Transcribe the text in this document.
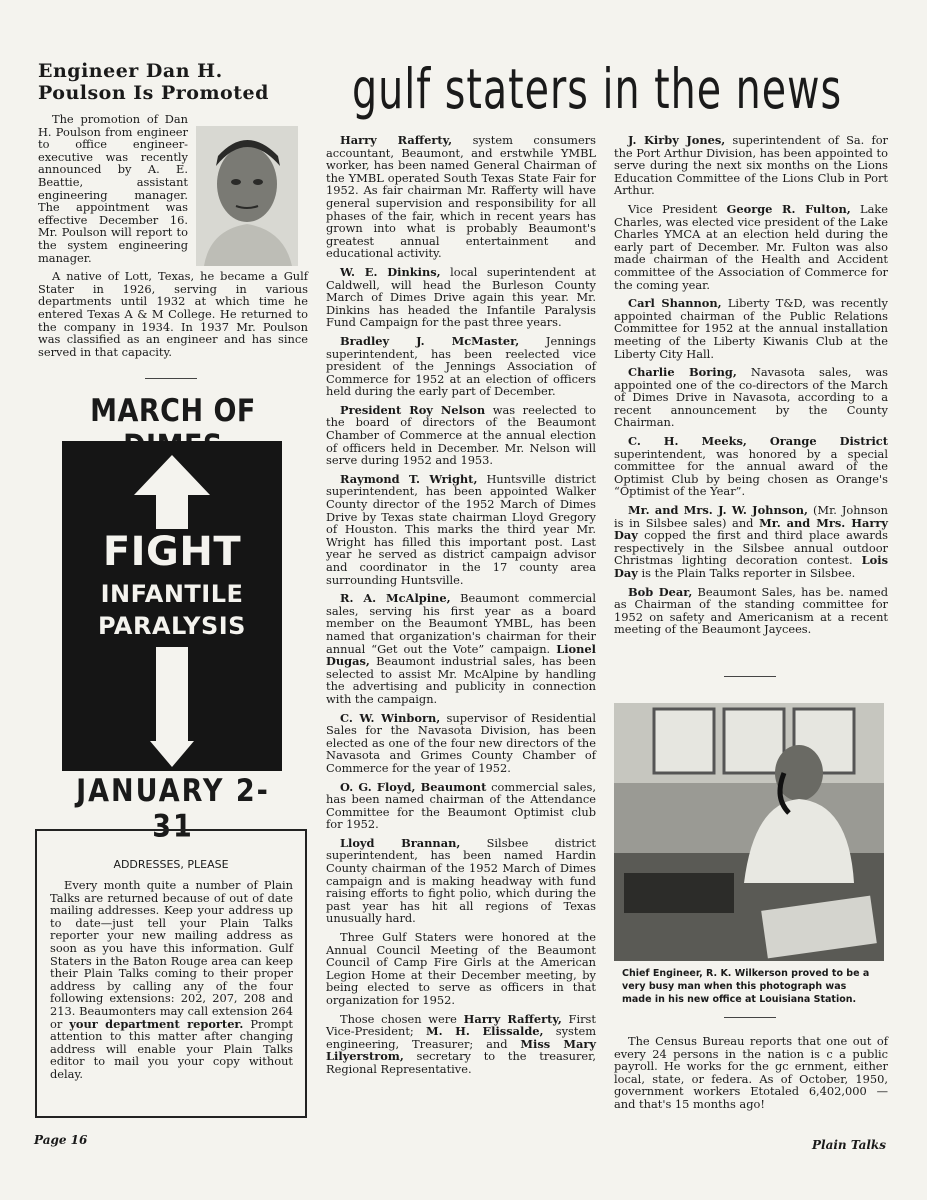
Engineer Dan H.
Poulson Is Promoted	gulf staters in the news

The promotion of Dan H. Poulson from engineer to office engineer-executive was recently announced by A. E. Beattie, assistant engineering manager. The appointment was effective December 16. Mr. Poulson will report to the system engineering manager.

A native of Lott, Texas, he became a Gulf Stater in 1926, serving in various departments until 1932 at which time he entered Texas A & M College. He returned to the company in 1934. In 1937 Mr. Poulson was classified as an engineer and has since served in that capacity.

MARCH OF
FIGHT
INFANTILE
PARALYSIS
JANUARY 2-31
ADDRESSES, PLEASE

Every month quite a number of Plain Talks are returned because of out of date mailing addresses. Keep your address up to date—just tell your Plain Talks reporter your new mailing address as soon as you have this information. Gulf Staters in the Baton Rouge area can keep their Plain Talks coming to their proper address by calling any of the four following extensions: 202, 207, 208 and 213. Beaumonters may call extension 264 or your department reporter. Prompt attention to this matter after changing address will enable your Plain Talks editor to mail you your copy without delay.

Harry Rafferty, system consumers accountant, Beaumont, and erstwhile YMBL worker, has been named General Chairman of the YMBL operated South Texas State Fair for 1952. As fair chairman Mr. Rafferty will have general supervision and responsibility for all phases of the fair, which in recent years has grown into what is probably Beaumont's greatest annual entertainment and educational activity.

W. E. Dinkins, local superintendent at Caldwell, will head the Burleson County March of Dimes Drive again this year. Mr. Dinkins has headed the Infantile Paralysis Fund Campaign for the past three years.

Bradley J. McMaster, Jennings superintendent, has been reelected vice president of the Jennings Association of Commerce for 1952 at an election of officers held during the early part of December.

President Roy Nelson was reelected to the board of directors of the Beaumont Chamber of Commerce at the annual election of officers held in December. Mr. Nelson will serve during 1952 and 1953.

Raymond T. Wright, Huntsville district superintendent, has been appointed Walker County director of the 1952 March of Dimes Drive by Texas state chairman Lloyd Gregory of Houston. This marks the third year Mr. Wright has filled this important post. Last year he served as district campaign advisor and coordinator in the 17 county area surrounding Huntsville.

R. A. McAlpine, Beaumont commercial sales, serving his first year as a board member on the Beaumont YMBL, has been named that organization's chairman for their annual “Get out the Vote” campaign. Lionel Dugas, Beaumont industrial sales, has been selected to assist Mr. McAlpine by handling the advertising and publicity in connection with the campaign.

C. W. Winborn, supervisor of Residential Sales for the Navasota Division, has been elected as one of the four new directors of the Navasota and Grimes County Chamber of Commerce for the year of 1952.

O. G. Floyd, Beaumont commercial sales, has been named chairman of the Attendance Committee for the Beaumont Optimist club for 1952.

Lloyd Brannan, Silsbee district superintendent, has been named Hardin County chairman of the 1952 March of Dimes campaign and is making headway with fund raising efforts to fight polio, which during the past year has hit all regions of Texas unusually hard.

Three Gulf Staters were honored at the Annual Council Meeting of the Beaumont Council of Camp Fire Girls at the American Legion Home at their December meeting, by being elected to serve as officers in that organization for 1952.

Those chosen were Harry Rafferty, First Vice-President; M. H. Elissalde, system engineering, Treasurer; and Miss Mary Lilyerstrom, secretary to the treasurer, Regional Representative.

J. Kirby Jones, superintendent of Sa. for the Port Arthur Division, has been appointed to serve during the next six months on the Lions Education Committee of the Lions Club in Port Arthur.

Vice President George R. Fulton, Lake Charles, was elected vice president of the Lake Charles YMCA at an election held during the early part of December. Mr. Fulton was also made chairman of the Health and Accident committee of the Association of Commerce for the coming year.

Carl Shannon, Liberty T&D, was recently appointed chairman of the Public Relations Committee for 1952 at the annual installation meeting of the Liberty Kiwanis Club at the Liberty City Hall.

Charlie Boring, Navasota sales, was appointed one of the co-directors of the March of Dimes Drive in Navasota, according to a recent announcement by the County Chairman.

C. H. Meeks, Orange District superintendent, was honored by a special committee for the annual award of the Optimist Club by being chosen as Orange's “Optimist of the Year”.

Mr. and Mrs. J. W. Johnson, (Mr. Johnson is in Silsbee sales) and Mr. and Mrs. Harry Day copped the first and third place awards respectively in the Silsbee annual outdoor Christmas lighting decoration contest. Lois Day is the Plain Talks reporter in Silsbee.

Bob Dear, Beaumont Sales, has be. named as Chairman of the standing committee for 1952 on safety and Americanism at a recent meeting of the Beaumont Jaycees.

Chief Engineer, R. K. Wilkerson proved to be a very busy man when this photograph was made in his new office at Louisiana Station.

The Census Bureau reports that one out of every 24 persons in the nation is c a public payroll. He works for the gc ernment, either local, state, or federa. As of October, 1950, government workers Etotaled 6,402,000 — and that's 15 months ago!

Page 16	Plain Talks
